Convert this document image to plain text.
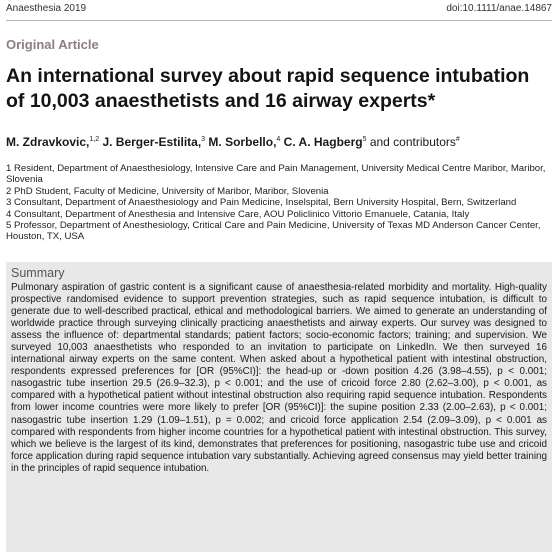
Anaesthesia 2019	doi:10.1111/anae.14867
Original Article
An international survey about rapid sequence intubation of 10,003 anaesthetists and 16 airway experts*
M. Zdravkovic,$^{1,2}$ J. Berger-Estilita,$^3$ M. Sorbello,$^4$ C. A. Hagberg$^5$ and contributors#
1 Resident, Department of Anaesthesiology, Intensive Care and Pain Management, University Medical Centre Maribor, Maribor, Slovenia
2 PhD Student, Faculty of Medicine, University of Maribor, Maribor, Slovenia
3 Consultant, Department of Anaesthesiology and Pain Medicine, Inselspital, Bern University Hospital, Bern, Switzerland
4 Consultant, Department of Anesthesia and Intensive Care, AOU Policlinico Vittorio Emanuele, Catania, Italy
5 Professor, Department of Anesthesiology, Critical Care and Pain Medicine, University of Texas MD Anderson Cancer Center, Houston, TX, USA
Summary

Pulmonary aspiration of gastric content is a significant cause of anaesthesia-related morbidity and mortality. High-quality prospective randomised evidence to support prevention strategies, such as rapid sequence intubation, is difficult to generate due to well-described practical, ethical and methodological barriers. We aimed to generate an understanding of worldwide practice through surveying clinically practicing anaesthetists and airway experts. Our survey was designed to assess the influence of: departmental standards; patient factors; socio-economic factors; training; and supervision. We surveyed 10,003 anaesthetists who responded to an invitation to participate on LinkedIn. We then surveyed 16 international airway experts on the same content. When asked about a hypothetical patient with intestinal obstruction, respondents expressed preferences for [OR (95%CI)]: the head-up or -down position 4.26 (3.98–4.55), p < 0.001; nasogastric tube insertion 29.5 (26.9–32.3), p < 0.001; and the use of cricoid force 2.80 (2.62–3.00), p < 0.001, as compared with a hypothetical patient without intestinal obstruction also requiring rapid sequence intubation. Respondents from lower income countries were more likely to prefer [OR (95%CI)]: the supine position 2.33 (2.00–2.63), p < 0.001; nasogastric tube insertion 1.29 (1.09–1.51), p = 0.002; and cricoid force application 2.54 (2.09–3.09), p < 0.001 as compared with respondents from higher income countries for a hypothetical patient with intestinal obstruction. This survey, which we believe is the largest of its kind, demonstrates that preferences for positioning, nasogastric tube use and cricoid force application during rapid sequence intubation vary substantially. Achieving agreed consensus may yield better training in the principles of rapid sequence intubation.
